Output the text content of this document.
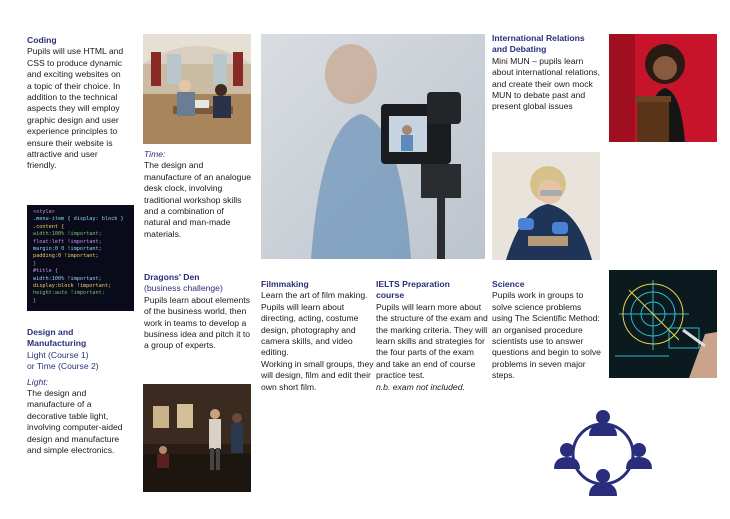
Coding
Pupils will use HTML and CSS to produce dynamic and exciting websites on a topic of their choice. In addition to the technical aspects they will employ graphic design and user experience principles to ensure their website is attractive and user friendly.
<style>
.menu-item { display: block }
.content {
width:100% !important;
float:left !important;
margin:0 0 !important;
padding:0 !important;
}
#title {
width:100% !important;
display:block !important;
height:auto !important;
}
Design and
Manufacturing
Light (Course 1)
or Time (Course 2)
Light:
The design and manufacture of a decorative table light, involving computer-aided design and manufacture and simple electronics.
Time:
The design and manufacture of an analogue desk clock, involving traditional workshop skills and a combination of natural and man-made materials.
Dragons' Den
(business challenge)
Pupils learn about elements of the business world, then work in teams to develop a business idea and pitch it to a group of experts.
Filmmaking
Learn the art of film making. Pupils will learn about directing, acting, costume design, photography and camera skills, and video editing.
Working in small groups, they will design, film and edit their own short film.
IELTS Preparation
course
Pupils will learn more about the structure of the exam and the marking criteria. They will learn skills and strategies for the four parts of the exam and take an end of course practice test.
n.b. exam not included.
International Relations
and Debating
Mini MUN – pupils learn about international relations, and create their own mock MUN to debate past and present global issues
Science
Pupils work in groups to solve science problems using The Scientific Method: an organised procedure scientists use to answer questions and begin to solve problems in seven major steps.
